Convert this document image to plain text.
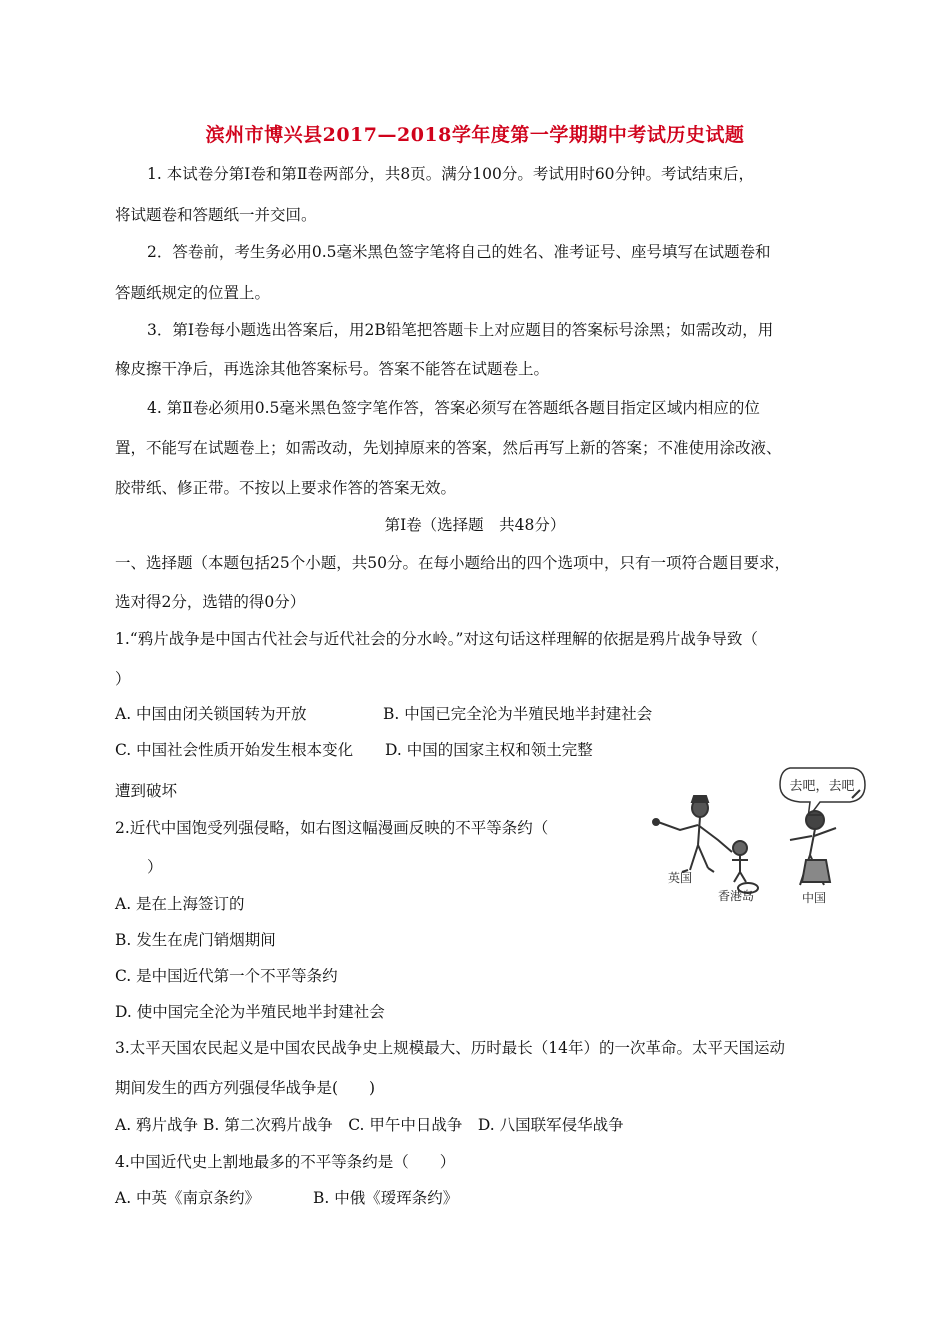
滨州市博兴县2017—2018学年度第一学期期中考试历史试题
1. 本试卷分第Ⅰ卷和第Ⅱ卷两部分，共8页。满分100分。考试用时60分钟。考试结束后，
将试题卷和答题纸一并交回。
2．答卷前，考生务必用0.5毫米黑色签字笔将自己的姓名、准考证号、座号填写在试题卷和
答题纸规定的位置上。
3．第Ⅰ卷每小题选出答案后，用2B铅笔把答题卡上对应题目的答案标号涂黑；如需改动，用
橡皮擦干净后，再选涂其他答案标号。答案不能答在试题卷上。
4. 第Ⅱ卷必须用0.5毫米黑色签字笔作答，答案必须写在答题纸各题目指定区域内相应的位
置，不能写在试题卷上；如需改动，先划掉原来的答案，然后再写上新的答案；不准使用涂改液、
胶带纸、修正带。不按以上要求作答的答案无效。
第Ⅰ卷（选择题　共48分）
一、选择题（本题包括25个小题，共50分。在每小题给出的四个选项中，只有一项符合题目要求，
选对得2分，选错的得0分）
1.“鸦片战争是中国古代社会与近代社会的分水岭。”对这句话这样理解的依据是鸦片战争导致（
）
A. 中国由闭关锁国转为开放	B. 中国已完全沦为半殖民地半封建社会
C. 中国社会性质开始发生根本变化 D. 中国的国家主权和领土完整
遭到破坏
2.近代中国饱受列强侵略，如右图这幅漫画反映的不平等条约（
）
A. 是在上海签订的
B. 发生在虎门销烟期间
C. 是中国近代第一个不平等条约
D. 使中国完全沦为半殖民地半封建社会
去吧，去吧
英国
香港岛	中国
3.太平天国农民起义是中国农民战争史上规模最大、历时最长（14年）的一次革命。太平天国运动
期间发生的西方列强侵华战争是(　　)
A. 鸦片战争 B. 第二次鸦片战争　C. 甲午中日战争　D. 八国联军侵华战争
4.中国近代史上割地最多的不平等条约是（　　）
A. 中英《南京条约》	B. 中俄《瑷珲条约》
